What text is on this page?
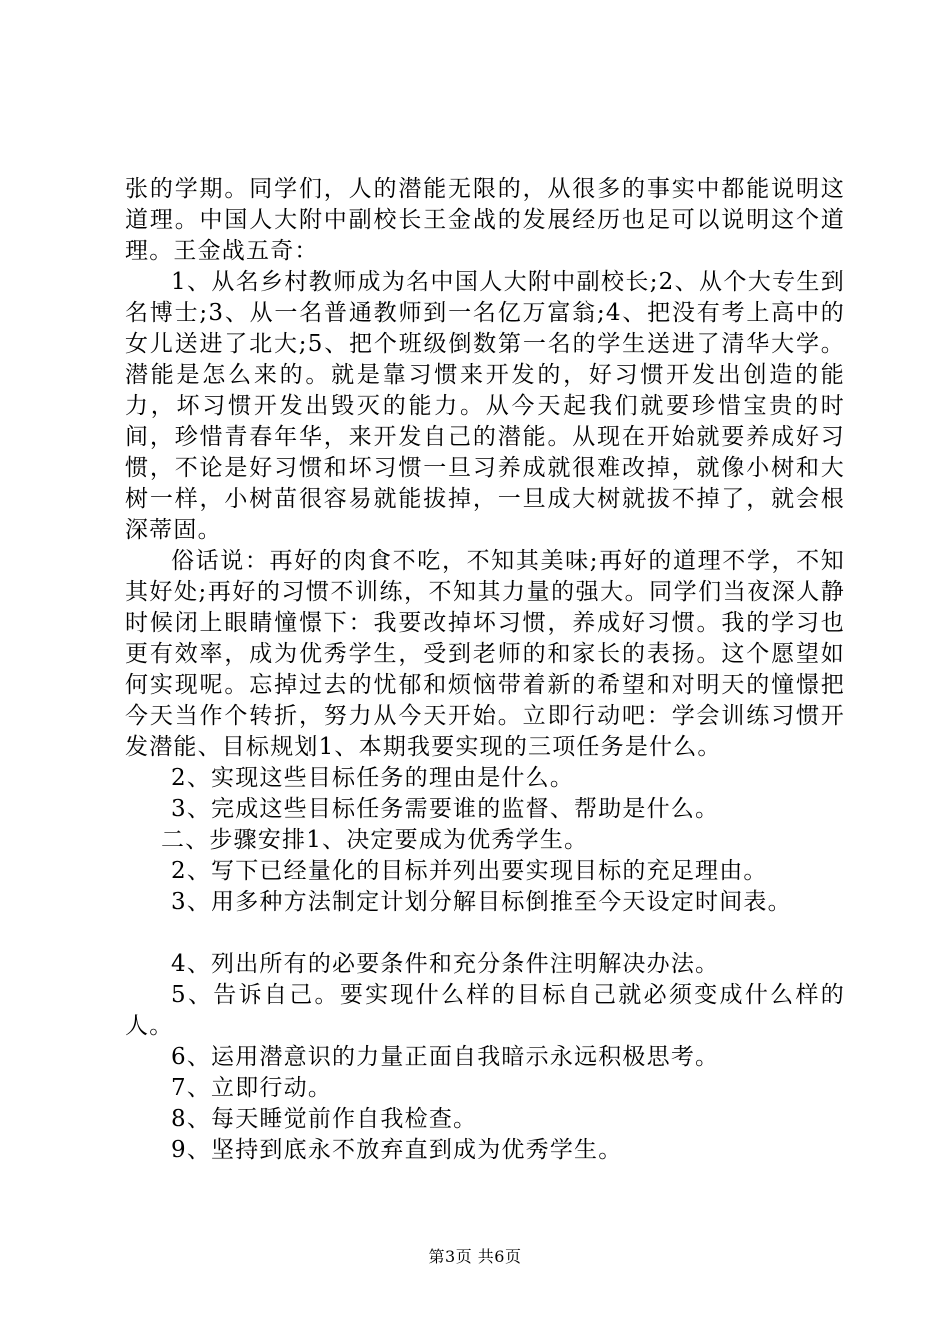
张的学期。同学们，人的潜能无限的，从很多的事实中都能说明这道理。中国人大附中副校长王金战的发展经历也足可以说明这个道理。王金战五奇：

1、从名乡村教师成为名中国人大附中副校长;2、从个大专生到名博士;3、从一名普通教师到一名亿万富翁;4、把没有考上高中的女儿送进了北大;5、把个班级倒数第一名的学生送进了清华大学。潜能是怎么来的。就是靠习惯来开发的，好习惯开发出创造的能力，坏习惯开发出毁灭的能力。从今天起我们就要珍惜宝贵的时间，珍惜青春年华，来开发自己的潜能。从现在开始就要养成好习惯，不论是好习惯和坏习惯一旦习养成就很难改掉，就像小树和大树一样，小树苗很容易就能拔掉，一旦成大树就拔不掉了，就会根深蒂固。

俗话说：再好的肉食不吃，不知其美味;再好的道理不学，不知其好处;再好的习惯不训练，不知其力量的强大。同学们当夜深人静时候闭上眼睛憧憬下：我要改掉坏习惯，养成好习惯。我的学习也更有效率，成为优秀学生，受到老师的和家长的表扬。这个愿望如何实现呢。忘掉过去的忧郁和烦恼带着新的希望和对明天的憧憬把今天当作个转折，努力从今天开始。立即行动吧：学会训练习惯开发潜能、目标规划1、本期我要实现的三项任务是什么。

2、实现这些目标任务的理由是什么。

3、完成这些目标任务需要谁的监督、帮助是什么。

二、步骤安排1、决定要成为优秀学生。

2、写下已经量化的目标并列出要实现目标的充足理由。

3、用多种方法制定计划分解目标倒推至今天设定时间表。

4、列出所有的必要条件和充分条件注明解决办法。

5、告诉自己。要实现什么样的目标自己就必须变成什么样的人。

6、运用潜意识的力量正面自我暗示永远积极思考。

7、立即行动。

8、每天睡觉前作自我检查。

9、坚持到底永不放弃直到成为优秀学生。

第3页 共6页
